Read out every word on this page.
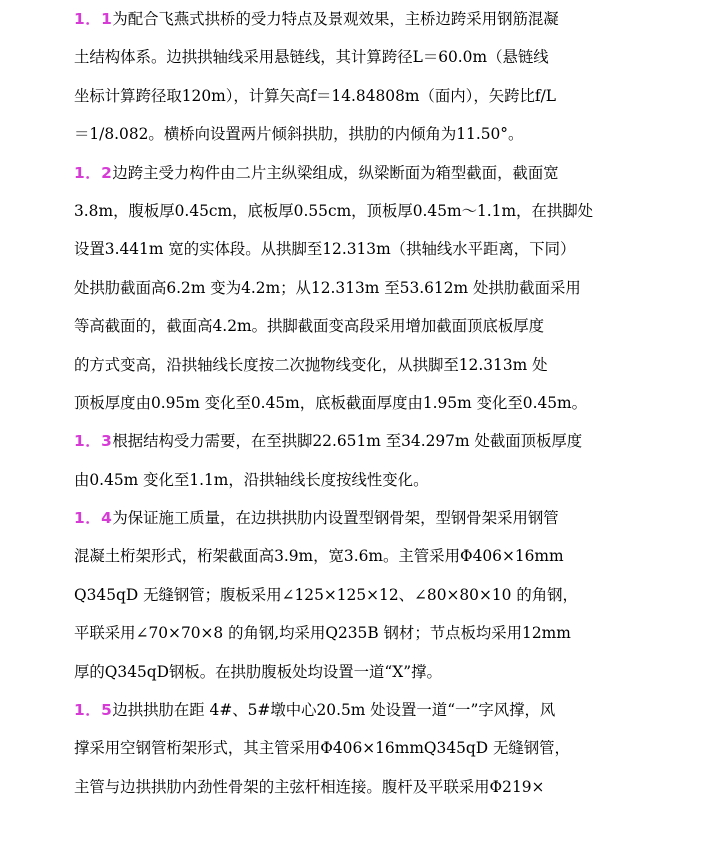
1．1为配合飞燕式拱桥的受力特点及景观效果，主桥边跨采用钢筋混凝
土结构体系。边拱拱轴线采用悬链线，其计算跨径L＝60.0m（悬链线
坐标计算跨径取120m），计算矢高f＝14.84808m（面内），矢跨比f/L
＝1/8.082。横桥向设置两片倾斜拱肋，拱肋的内倾角为11.50°。
1．2边跨主受力构件由二片主纵梁组成，纵梁断面为箱型截面，截面宽
3.8m，腹板厚0.45cm，底板厚0.55cm，顶板厚0.45m～1.1m，在拱脚处
设置3.441m 宽的实体段。从拱脚至12.313m（拱轴线水平距离，下同）
处拱肋截面高6.2m 变为4.2m；从12.313m 至53.612m 处拱肋截面采用
等高截面的，截面高4.2m。拱脚截面变高段采用增加截面顶底板厚度
的方式变高，沿拱轴线长度按二次抛物线变化，从拱脚至12.313m 处
顶板厚度由0.95m 变化至0.45m，底板截面厚度由1.95m 变化至0.45m。
1．3根据结构受力需要，在至拱脚22.651m 至34.297m 处截面顶板厚度
由0.45m 变化至1.1m，沿拱轴线长度按线性变化。
1．4为保证施工质量，在边拱拱肋内设置型钢骨架，型钢骨架采用钢管
混凝土桁架形式，桁架截面高3.9m，宽3.6m。主管采用Φ406×16mm
Q345qD 无缝钢管；腹板采用∠125×125×12、∠80×80×10 的角钢，
平联采用∠70×70×8 的角钢,均采用Q235B 钢材；节点板均采用12mm
厚的Q345qD钢板。在拱肋腹板处均设置一道“X”撑。
1．5边拱拱肋在距 4#、5#墩中心20.5m 处设置一道“一”字风撑，风
撑采用空钢管桁架形式，其主管采用Φ406×16mmQ345qD 无缝钢管，
主管与边拱拱肋内劲性骨架的主弦杆相连接。腹杆及平联采用Φ219×
